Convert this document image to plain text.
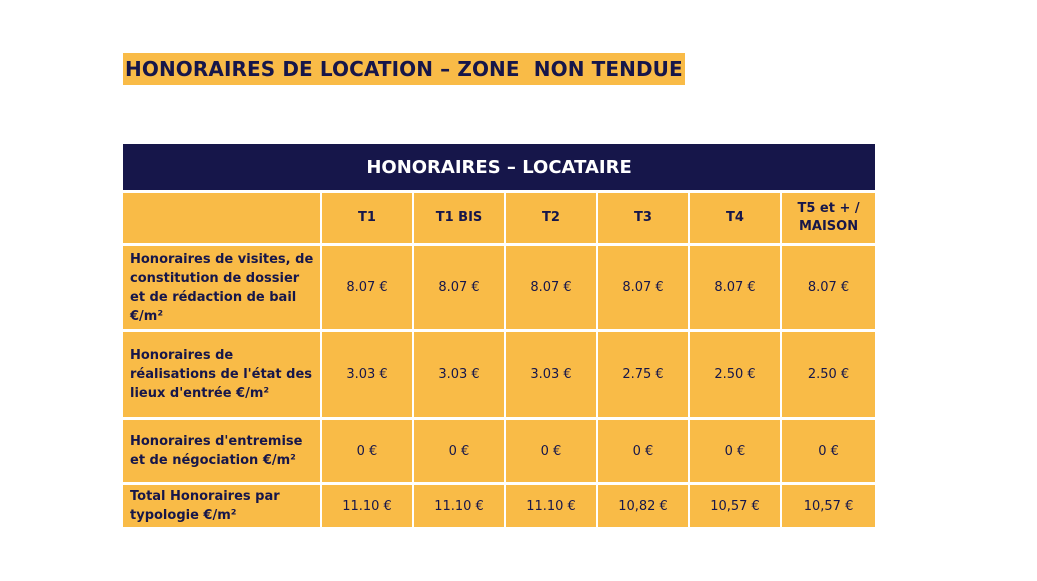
HONORAIRES DE LOCATION – ZONE  NON TENDUE
HONORAIRES – LOCATAIRE						
	T1	T1 BIS	T2	T3	T4	T5 et + / MAISON
Honoraires de visites, de constitution de dossier et de rédaction de bail €/m²	8.07 €	8.07 €	8.07 €	8.07 €	8.07 €	8.07 €
Honoraires de réalisations de l'état des lieux d'entrée €/m²	3.03 €	3.03 €	3.03 €	2.75 €	2.50 €	2.50 €
Honoraires d'entremise et de négociation €/m²	0 €	0 €	0 €	0 €	0 €	0 €
Total Honoraires par typologie €/m²	11.10 €	11.10 €	11.10 €	10,82 €	10,57 €	10,57 €
